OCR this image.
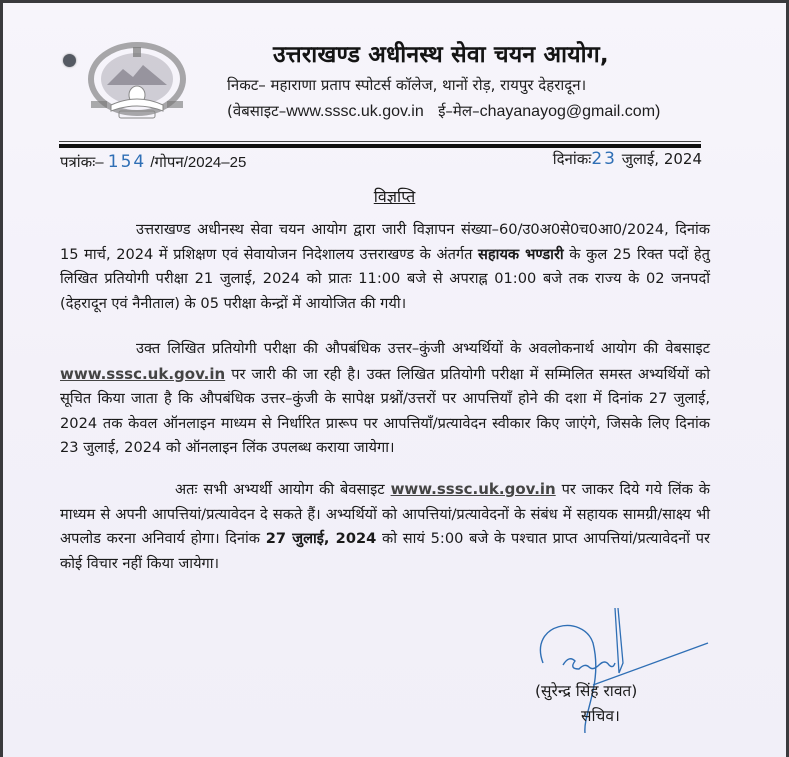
उत्तराखण्ड अधीनस्थ सेवा चयन आयोग,
निकट– महाराणा प्रताप स्पोटर्स कॉलेज, थानों रोड़, रायपुर देहरादून।
(वेबसाइट–www.sssc.uk.gov.in ई–मेल–chayanayog@gmail.com)
पत्रांकः– 154 /गोपन/2024–25	दिनांकः23 जुलाई, 2024
विज्ञप्ति
उत्तराखण्ड अधीनस्थ सेवा चयन आयोग द्वारा जारी विज्ञापन संख्या–60/उ0अ0से0च0आ0/2024, दिनांक 15 मार्च, 2024 में प्रशिक्षण एवं सेवायोजन निदेशालय उत्तराखण्ड के अंतर्गत सहायक भण्डारी के कुल 25 रिक्त पदों हेतु लिखित प्रतियोगी परीक्षा 21 जुलाई, 2024 को प्रातः 11:00 बजे से अपराह्न 01:00 बजे तक राज्य के 02 जनपदों (देहरादून एवं नैनीताल) के 05 परीक्षा केन्द्रों में आयोजित की गयी।
उक्त लिखित प्रतियोगी परीक्षा की औपबंधिक उत्तर–कुंजी अभ्यर्थियों के अवलोकनार्थ आयोग की वेबसाइट www.sssc.uk.gov.in पर जारी की जा रही है। उक्त लिखित प्रतियोगी परीक्षा में सम्मिलित समस्त अभ्यर्थियों को सूचित किया जाता है कि औपबंधिक उत्तर–कुंजी के सापेक्ष प्रश्नों/उत्तरों पर आपत्तियाँ होने की दशा में दिनांक 27 जुलाई, 2024 तक केवल ऑनलाइन माध्यम से निर्धारित प्रारूप पर आपत्तियाँ/प्रत्यावेदन स्वीकार किए जाएंगे, जिसके लिए दिनांक 23 जुलाई, 2024 को ऑनलाइन लिंक उपलब्ध कराया जायेगा।
अतः सभी अभ्यर्थी आयोग की बेवसाइट www.sssc.uk.gov.in पर जाकर दिये गये लिंक के माध्यम से अपनी आपत्तियां/प्रत्यावेदन दे सकते हैं। अभ्यर्थियों को आपत्तियां/प्रत्यावेदनों के संबंध में सहायक सामग्री/साक्ष्य भी अपलोड करना अनिवार्य होगा। दिनांक 27 जुलाई, 2024 को सायं 5:00 बजे के पश्चात प्राप्त आपत्तियां/प्रत्यावेदनों पर कोई विचार नहीं किया जायेगा।
(सुरेन्द्र सिंह रावत)
सचिव।
